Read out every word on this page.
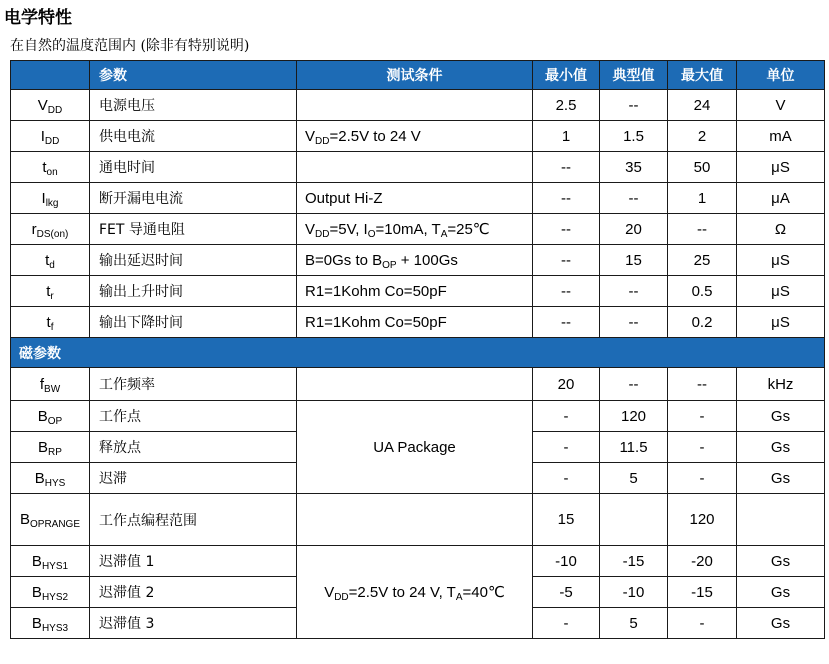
电学特性
在自然的温度范围内 (除非有特别说明)
	参数	测试条件	最小值	典型值	最大值	单位
$V_{DD}$	电源电压		2.5	--	24	V
$I_{DD}$	供电电流	$V_{DD}=2.5V$ to 24 V	1	1.5	2	mA
$t_{on}$	通电时间		--	35	50	μS
$I_{lkg}$	断开漏电电流	Output Hi-Z	--	--	1	μA
$r_{DS(on)}$	FET 导通电阻	$V_{DD}=5V$, $I_O=10mA$, $T_A=25℃$	--	20	--	Ω
$t_d$	输出延迟时间	B=0Gs to $B_{OP} + 100Gs$	--	15	25	μS
$t_r$	输出上升时间	R1=1Kohm Co=50pF	--	--	0.5	μS
$t_f$	输出下降时间	R1=1Kohm Co=50pF	--	--	0.2	μS
磁参数						
$f_{BW}$	工作频率		20	--	--	kHz
$B_{OP}$	工作点	UA Package	-	120	-	Gs
$B_{RP}$	释放点		-	11.5	-	Gs
$B_{HYS}$	迟滞		-	5	-	Gs
$B_{OPRANGE}$	工作点编程范围		15		120	
$B_{HYS1}$	迟滞值 1	$V_{DD}=2.5V$ to 24 V, $T_A=40℃$	-10	-15	-20	Gs
$B_{HYS2}$	迟滞值 2		-5	-10	-15	Gs
$B_{HYS3}$	迟滞值 3		-	5	-	Gs
